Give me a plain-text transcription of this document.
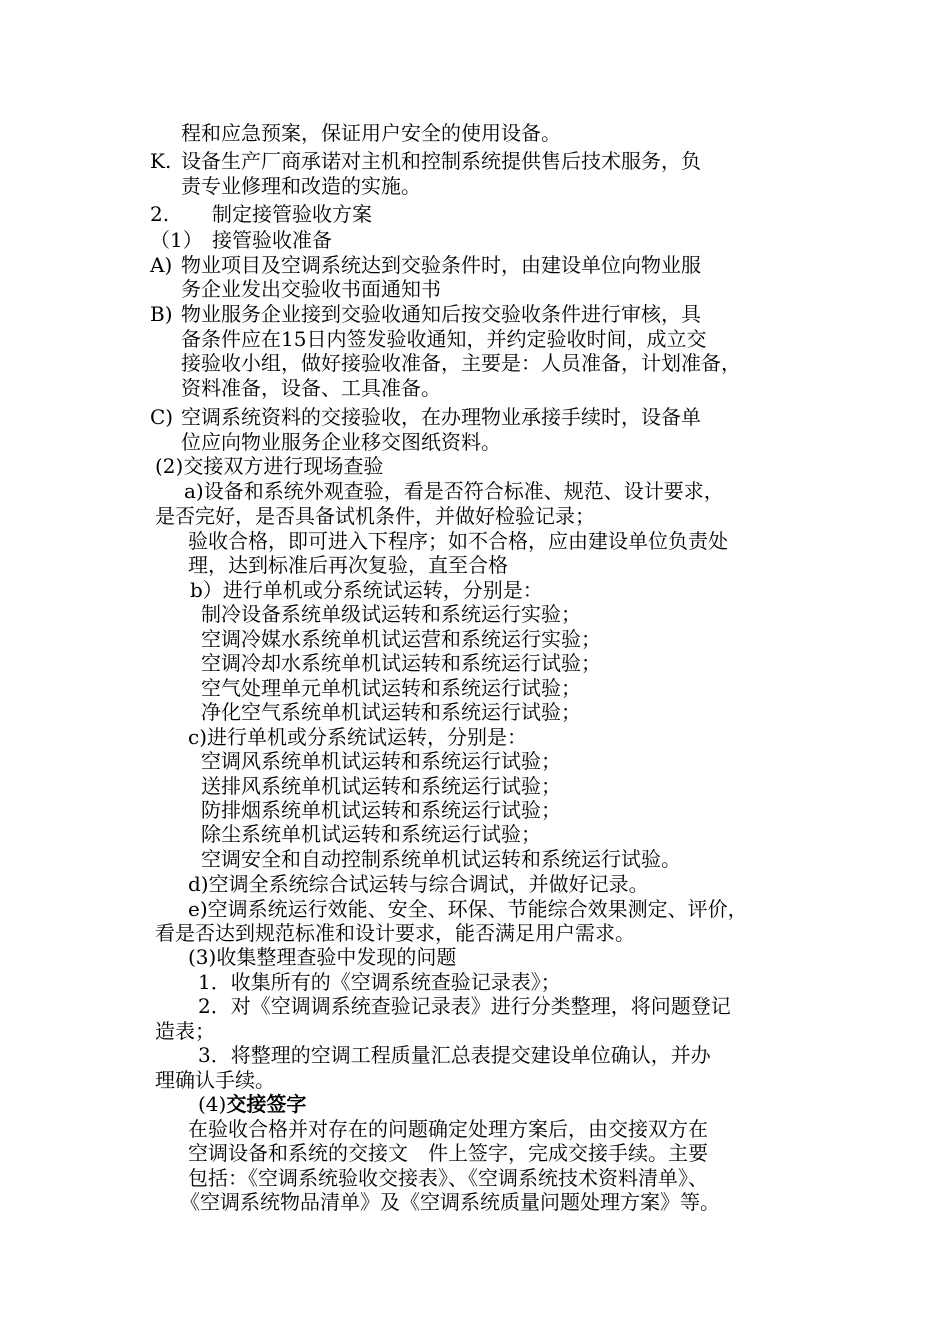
程和应急预案，保证用户安全的使用设备。
K. 设备生产厂商承诺对主机和控制系统提供售后技术服务，负
责专业修理和改造的实施。
2. 制定接管验收方案
（1） 接管验收准备
A) 物业项目及空调系统达到交验条件时，由建设单位向物业服
务企业发出交验收书面通知书
B) 物业服务企业接到交验收通知后按交验收条件进行审核，具
备条件应在15日内签发验收通知，并约定验收时间，成立交
接验收小组，做好接验收准备，主要是：人员准备，计划准备，
资料准备，设备、工具准备。
C) 空调系统资料的交接验收，在办理物业承接手续时，设备单
位应向物业服务企业移交图纸资料。
(2)交接双方进行现场查验
a)设备和系统外观查验，看是否符合标准、规范、设计要求，
是否完好，是否具备试机条件，并做好检验记录；
验收合格，即可进入下程序；如不合格，应由建设单位负责处
理，达到标准后再次复验，直至合格
b）进行单机或分系统试运转，分别是：
制冷设备系统单级试运转和系统运行实验；
空调冷媒水系统单机试运营和系统运行实验；
空调冷却水系统单机试运转和系统运行试验；
空气处理单元单机试运转和系统运行试验；
净化空气系统单机试运转和系统运行试验；
c)进行单机或分系统试运转，分别是：
空调风系统单机试运转和系统运行试验；
送排风系统单机试运转和系统运行试验；
防排烟系统单机试运转和系统运行试验；
除尘系统单机试运转和系统运行试验；
空调安全和自动控制系统单机试运转和系统运行试验。
d)空调全系统综合试运转与综合调试，并做好记录。
e)空调系统运行效能、安全、环保、节能综合效果测定、评价，
看是否达到规范标准和设计要求，能否满足用户需求。
(3)收集整理查验中发现的问题
1．收集所有的《空调系统查验记录表》；
2．对《空调调系统查验记录表》进行分类整理，将问题登记
造表；
3．将整理的空调工程质量汇总表提交建设单位确认，并办
理确认手续。
(4)交接签字
在验收合格并对存在的问题确定处理方案后，由交接双方在
空调设备和系统的交接文　件上签字，完成交接手续。主要
包括：《空调系统验收交接表》、《空调系统技术资料清单》、
《空调系统物品清单》及《空调系统质量问题处理方案》等。
